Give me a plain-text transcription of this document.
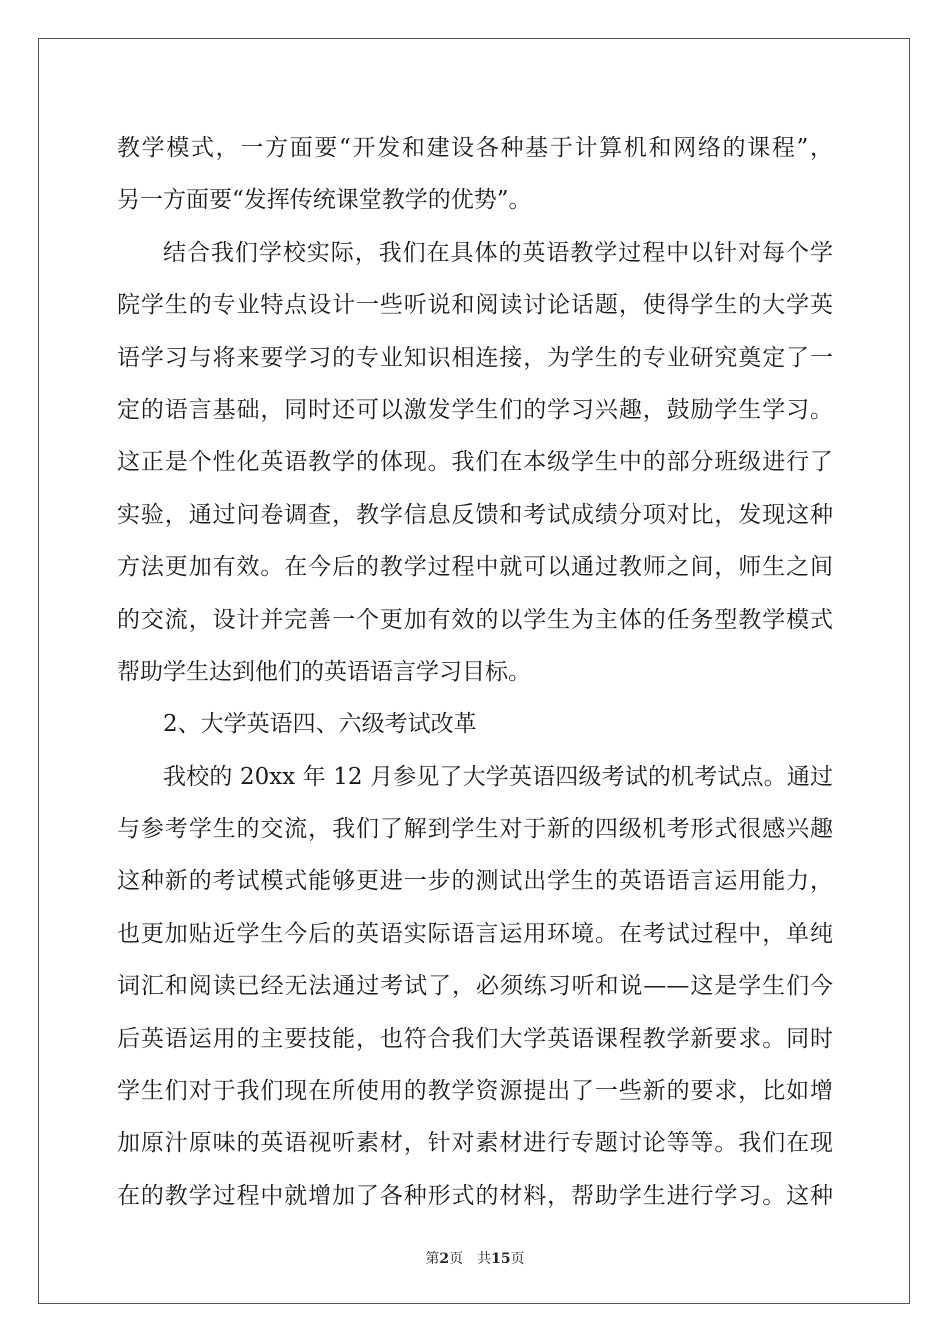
教学模式，一方面要“开发和建设各种基于计算机和网络的课程”，
另一方面要“发挥传统课堂教学的优势”。
结合我们学校实际，我们在具体的英语教学过程中以针对每个学
院学生的专业特点设计一些听说和阅读讨论话题，使得学生的大学英
语学习与将来要学习的专业知识相连接，为学生的专业研究奠定了一
定的语言基础，同时还可以激发学生们的学习兴趣，鼓励学生学习。
这正是个性化英语教学的体现。我们在本级学生中的部分班级进行了
实验，通过问卷调查，教学信息反馈和考试成绩分项对比，发现这种
方法更加有效。在今后的教学过程中就可以通过教师之间，师生之间
的交流，设计并完善一个更加有效的以学生为主体的任务型教学模式
帮助学生达到他们的英语语言学习目标。
2、大学英语四、六级考试改革
我校的 20xx 年 12 月参见了大学英语四级考试的机考试点。通过
与参考学生的交流，我们了解到学生对于新的四级机考形式很感兴趣
这种新的考试模式能够更进一步的测试出学生的英语语言运用能力，
也更加贴近学生今后的英语实际语言运用环境。在考试过程中，单纯
词汇和阅读已经无法通过考试了，必须练习听和说——这是学生们今
后英语运用的主要技能，也符合我们大学英语课程教学新要求。同时
学生们对于我们现在所使用的教学资源提出了一些新的要求，比如增
加原汁原味的英语视听素材，针对素材进行专题讨论等等。我们在现
在的教学过程中就增加了各种形式的材料，帮助学生进行学习。这种
第2页 共15页
